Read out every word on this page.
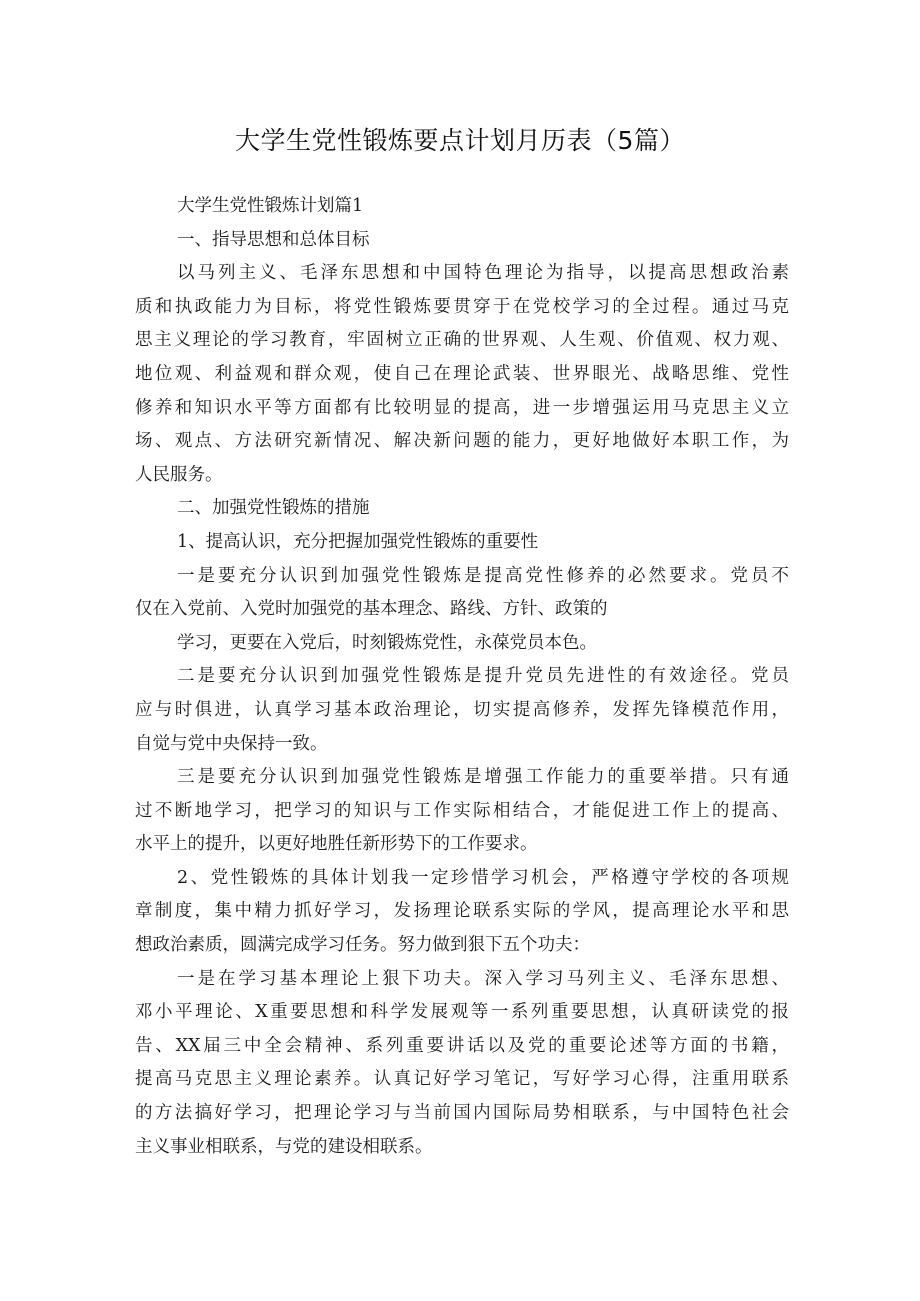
大学生党性锻炼要点计划月历表（5篇）
大学生党性锻炼计划篇1
一、指导思想和总体目标
以马列主义、毛泽东思想和中国特色理论为指导，以提高思想政治素
质和执政能力为目标，将党性锻炼要贯穿于在党校学习的全过程。通过马克
思主义理论的学习教育，牢固树立正确的世界观、人生观、价值观、权力观、
地位观、利益观和群众观，使自己在理论武装、世界眼光、战略思维、党性
修养和知识水平等方面都有比较明显的提高，进一步增强运用马克思主义立
场、观点、方法研究新情况、解决新问题的能力，更好地做好本职工作，为
人民服务。
二、加强党性锻炼的措施
1、提高认识，充分把握加强党性锻炼的重要性
一是要充分认识到加强党性锻炼是提高党性修养的必然要求。党员不
仅在入党前、入党时加强党的基本理念、路线、方针、政策的
学习，更要在入党后，时刻锻炼党性，永葆党员本色。
二是要充分认识到加强党性锻炼是提升党员先进性的有效途径。党员
应与时俱进，认真学习基本政治理论，切实提高修养，发挥先锋模范作用，
自觉与党中央保持一致。
三是要充分认识到加强党性锻炼是增强工作能力的重要举措。只有通
过不断地学习，把学习的知识与工作实际相结合，才能促进工作上的提高、
水平上的提升，以更好地胜任新形势下的工作要求。
2、党性锻炼的具体计划我一定珍惜学习机会，严格遵守学校的各项规
章制度，集中精力抓好学习，发扬理论联系实际的学风，提高理论水平和思
想政治素质，圆满完成学习任务。努力做到狠下五个功夫：
一是在学习基本理论上狠下功夫。深入学习马列主义、毛泽东思想、
邓小平理论、X重要思想和科学发展观等一系列重要思想，认真研读党的报
告、XX届三中全会精神、系列重要讲话以及党的重要论述等方面的书籍，
提高马克思主义理论素养。认真记好学习笔记，写好学习心得，注重用联系
的方法搞好学习，把理论学习与当前国内国际局势相联系，与中国特色社会
主义事业相联系，与党的建设相联系。
